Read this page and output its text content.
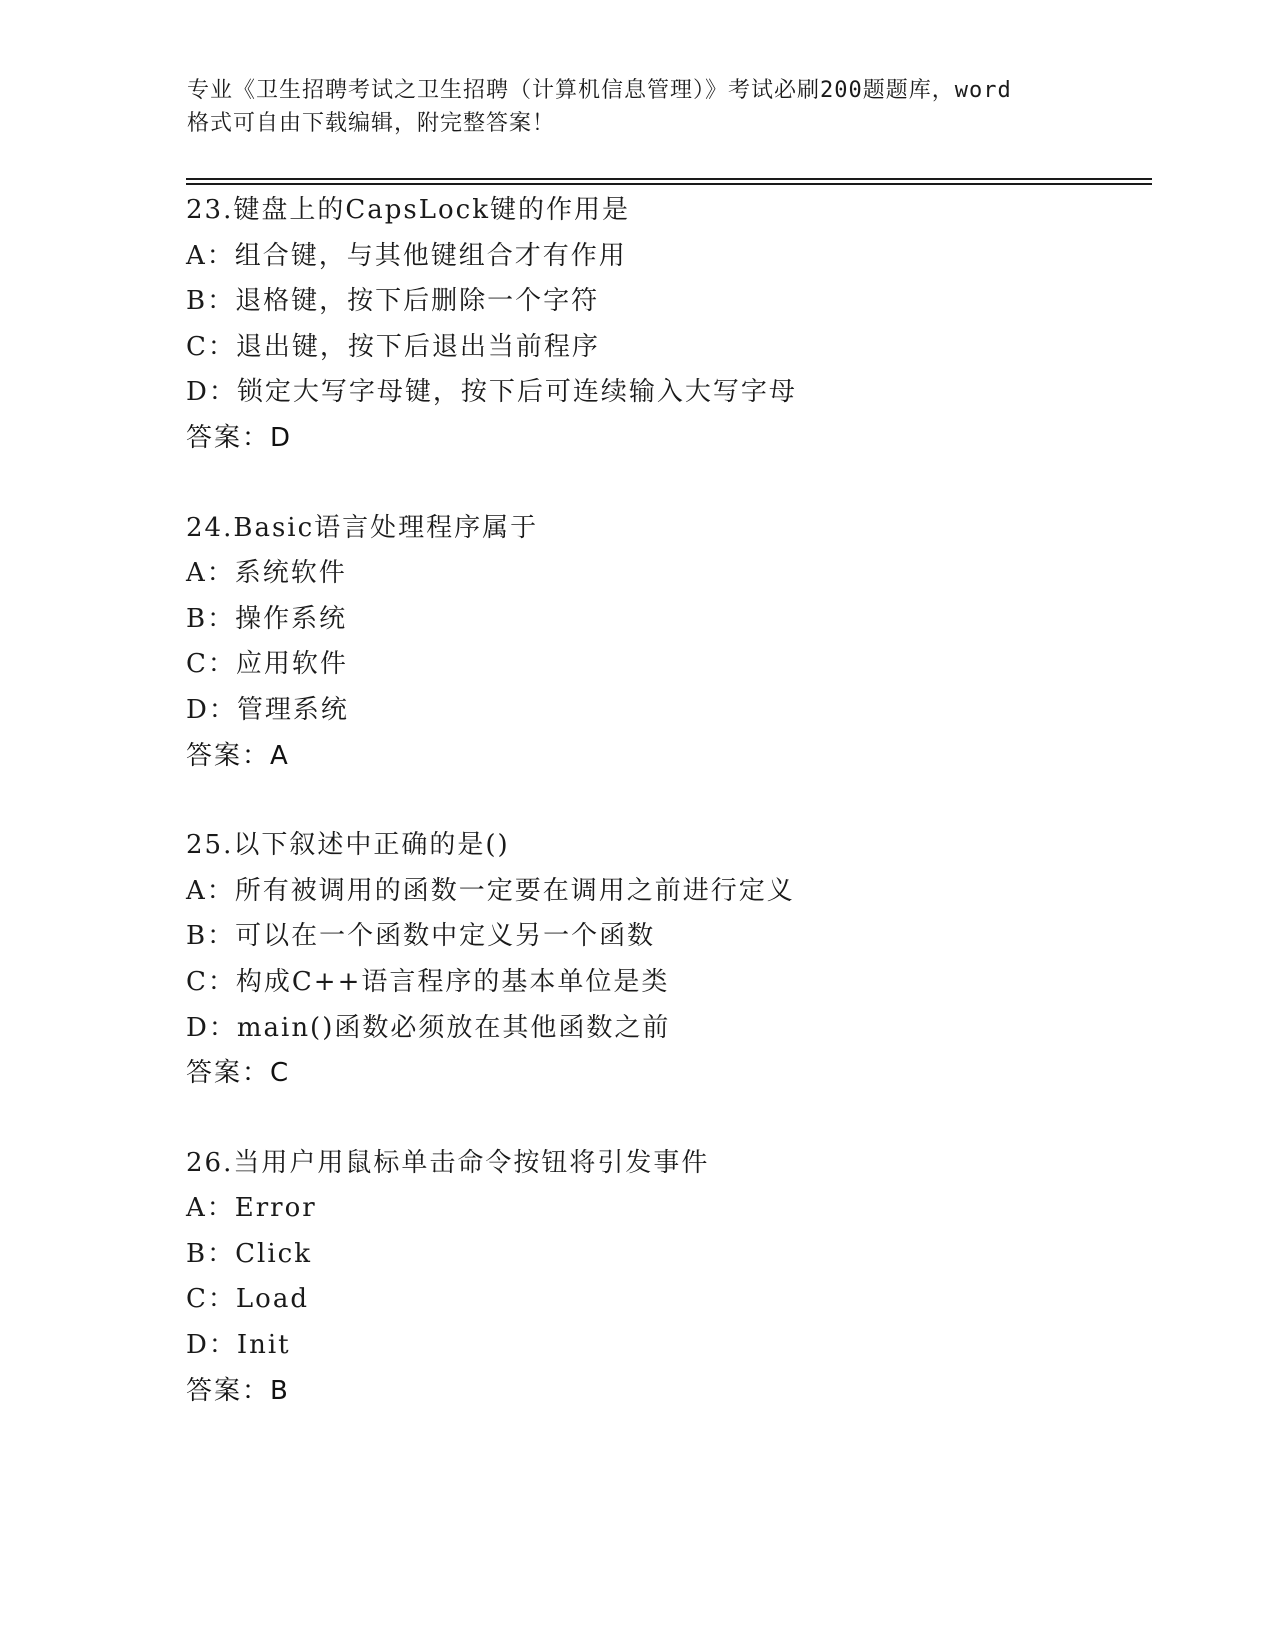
专业《卫生招聘考试之卫生招聘（计算机信息管理）》考试必刷200题题库，word
格式可自由下载编辑，附完整答案！
23.键盘上的CapsLock键的作用是
A：组合键，与其他键组合才有作用
B：退格键，按下后删除一个字符
C：退出键，按下后退出当前程序
D：锁定大写字母键，按下后可连续输入大写字母
答案：D
24.Basic语言处理程序属于
A：系统软件
B：操作系统
C：应用软件
D：管理系统
答案：A
25.以下叙述中正确的是()
A：所有被调用的函数一定要在调用之前进行定义
B：可以在一个函数中定义另一个函数
C：构成C++语言程序的基本单位是类
D：main()函数必须放在其他函数之前
答案：C
26.当用户用鼠标单击命令按钮将引发事件
A：Error
B：Click
C：Load
D：Init
答案：B
